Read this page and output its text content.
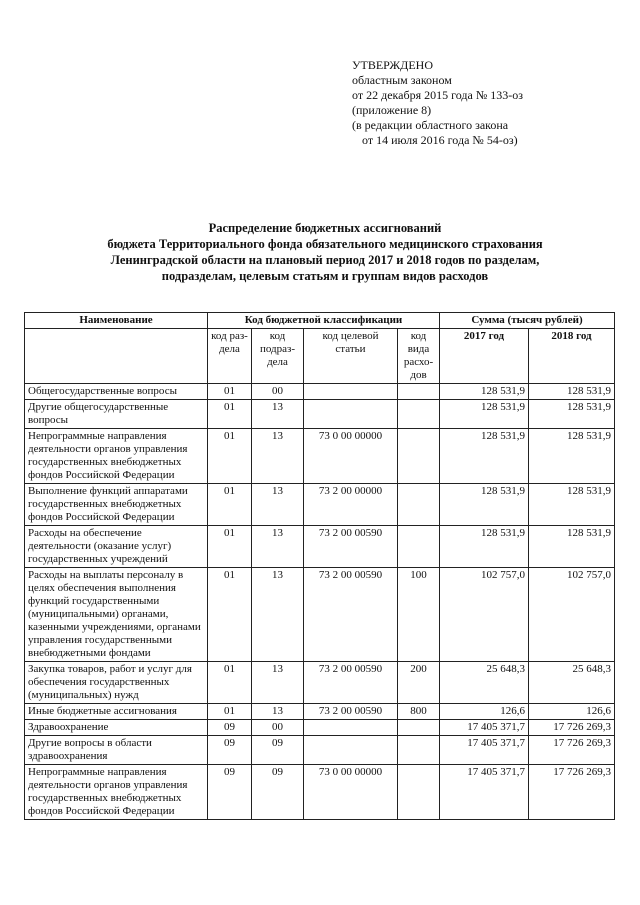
УТВЕРЖДЕНО
областным законом
от 22 декабря 2015 года № 133-оз
(приложение 8)
(в редакции областного закона
от 14 июля 2016 года № 54-оз)
Распределение бюджетных ассигнований
бюджета Территориального фонда обязательного медицинского страхования
Ленинградской области на плановый период 2017 и 2018 годов по разделам,
подразделам, целевым статьям и группам видов расходов
Наименование	Код бюджетной классификации				Сумма (тысяч рублей)	
	код раз-дела	код подраз-дела	код целевой статьи	код вида расхо-дов	2017 год	2018 год
Общегосударственные вопросы	01	00			128 531,9	128 531,9
Другие общегосударственные вопросы	01	13			128 531,9	128 531,9
Непрограммные направления деятельности органов управления государственных внебюджетных фондов Российской Федерации	01	13	73 0 00 00000		128 531,9	128 531,9
Выполнение функций аппаратами государственных внебюджетных фондов Российской Федерации	01	13	73 2 00 00000		128 531,9	128 531,9
Расходы на обеспечение деятельности (оказание услуг) государственных учреждений	01	13	73 2 00 00590		128 531,9	128 531,9
Расходы на выплаты персоналу в целях обеспечения выполнения функций государственными (муниципальными) органами, казенными учреждениями, органами управления государственными внебюджетными фондами	01	13	73 2 00 00590	100	102 757,0	102 757,0
Закупка товаров, работ и услуг для обеспечения государственных (муниципальных) нужд	01	13	73 2 00 00590	200	25 648,3	25 648,3
Иные бюджетные ассигнования	01	13	73 2 00 00590	800	126,6	126,6
Здравоохранение	09	00			17 405 371,7	17 726 269,3
Другие вопросы в области здравоохранения	09	09			17 405 371,7	17 726 269,3
Непрограммные направления деятельности органов управления государственных внебюджетных фондов Российской Федерации	09	09	73 0 00 00000		17 405 371,7	17 726 269,3
